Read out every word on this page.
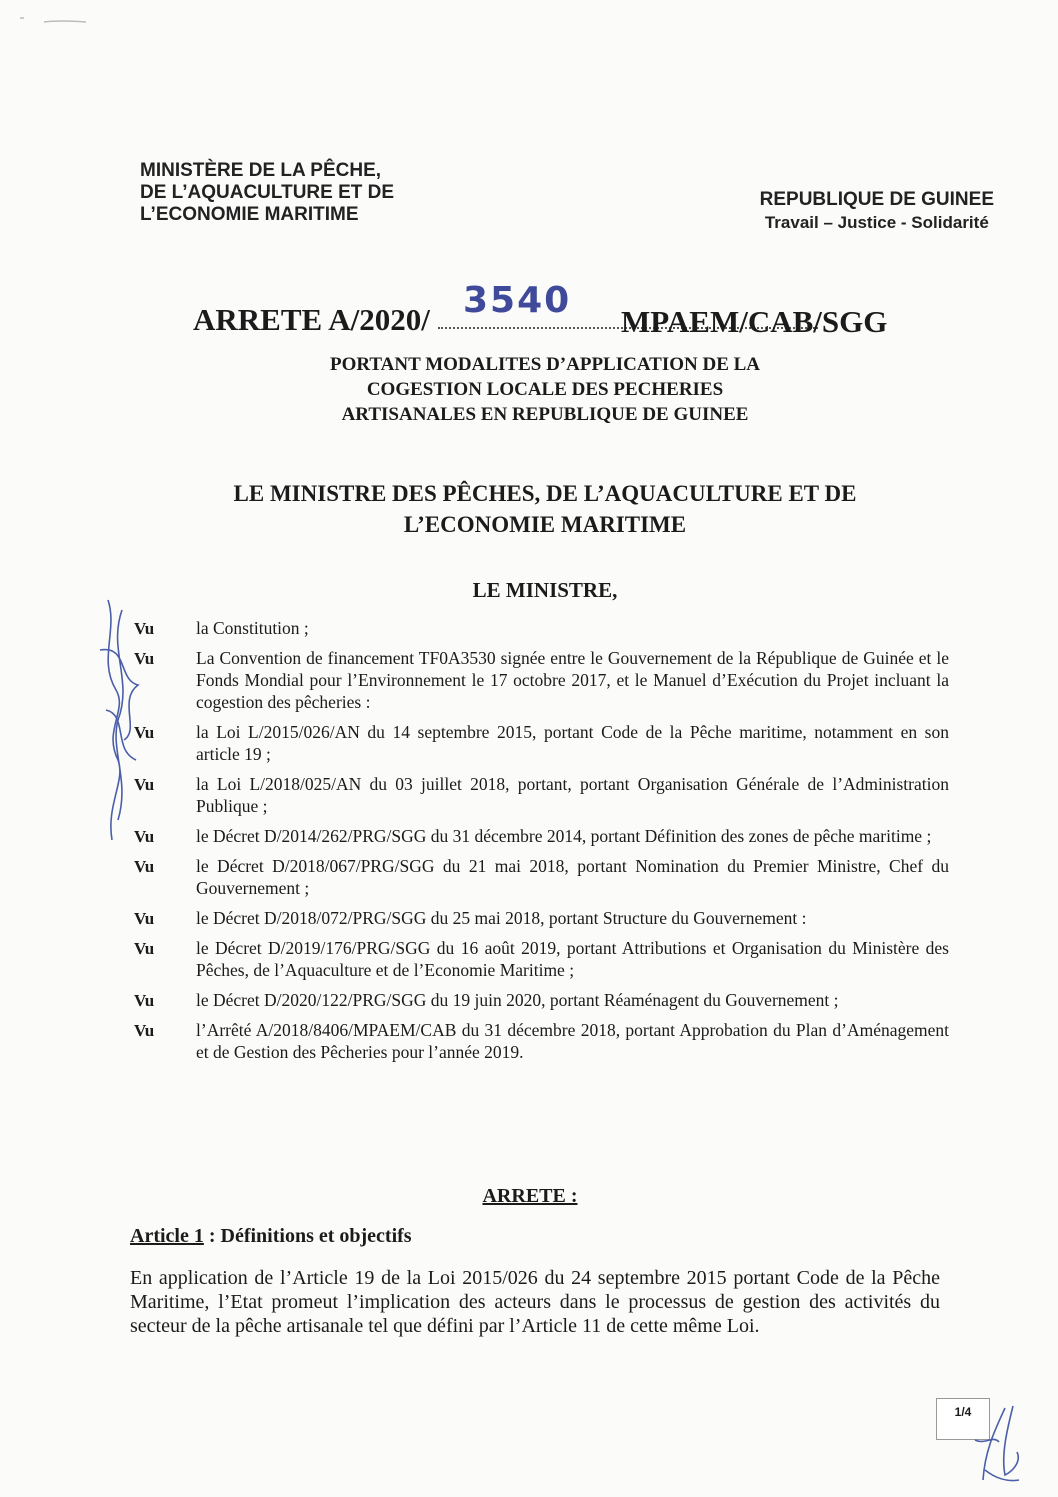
MINISTÈRE DE LA PÊCHE,
DE L’AQUACULTURE ET DE
L’ECONOMIE MARITIME
REPUBLIQUE DE GUINEE
Travail – Justice - Solidarité
ARRETE A/2020/ 3540
MPAEM/CAB/SGG
PORTANT MODALITES D’APPLICATION DE LA
COGESTION LOCALE DES PECHERIES
ARTISANALES EN REPUBLIQUE DE GUINEE
LE MINISTRE DES PÊCHES, DE L’AQUACULTURE ET DE
L’ECONOMIE MARITIME
LE MINISTRE,
Vu la Constitution ;
Vu La Convention de financement TF0A3530 signée entre le Gouvernement de la République de Guinée et le Fonds Mondial pour l’Environnement le 17 octobre 2017, et le Manuel d’Exécution du Projet incluant la cogestion des pêcheries :
Vu la Loi L/2015/026/AN du 14 septembre 2015, portant Code de la Pêche maritime, notamment en son article 19 ;
Vu la Loi L/2018/025/AN du 03 juillet 2018, portant, portant Organisation Générale de l’Administration Publique ;
Vu le Décret D/2014/262/PRG/SGG du 31 décembre 2014, portant Définition des zones de pêche maritime ;
Vu le Décret D/2018/067/PRG/SGG du 21 mai 2018, portant Nomination du Premier Ministre, Chef du Gouvernement ;
Vu le Décret D/2018/072/PRG/SGG du 25 mai 2018, portant Structure du Gouvernement :
Vu le Décret D/2019/176/PRG/SGG du 16 août 2019, portant Attributions et Organisation du Ministère des Pêches, de l’Aquaculture et de l’Economie Maritime ;
Vu le Décret D/2020/122/PRG/SGG du 19 juin 2020, portant Réaménagent du Gouvernement ;
Vu l’Arrêté A/2018/8406/MPAEM/CAB du 31 décembre 2018, portant Approbation du Plan d’Aménagement et de Gestion des Pêcheries pour l’année 2019.
ARRETE :
Article 1 : Définitions et objectifs
En application de l’Article 19 de la Loi 2015/026 du 24 septembre 2015 portant Code de la Pêche Maritime, l’Etat promeut l’implication des acteurs dans le processus de gestion des activités du secteur de la pêche artisanale tel que défini par l’Article 11 de cette même Loi.
1/4
